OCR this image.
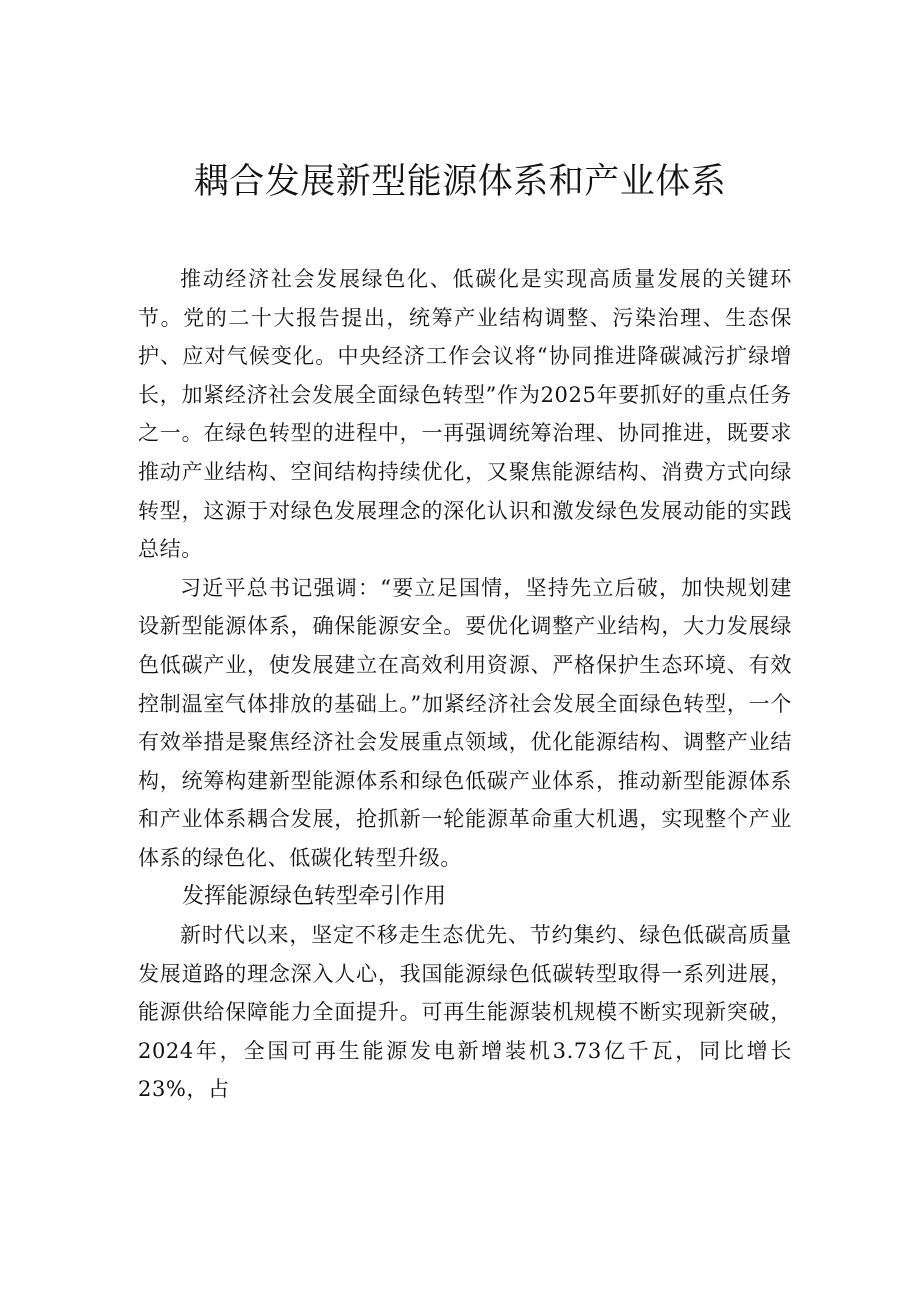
耦合发展新型能源体系和产业体系

推动经济社会发展绿色化、低碳化是实现高质量发展的关键环节。党的二十大报告提出，统筹产业结构调整、污染治理、生态保护、应对气候变化。中央经济工作会议将“协同推进降碳减污扩绿增长，加紧经济社会发展全面绿色转型”作为2025年要抓好的重点任务之一。在绿色转型的进程中，一再强调统筹治理、协同推进，既要求推动产业结构、空间结构持续优化，又聚焦能源结构、消费方式向绿转型，这源于对绿色发展理念的深化认识和激发绿色发展动能的实践总结。

习近平总书记强调：“要立足国情，坚持先立后破，加快规划建设新型能源体系，确保能源安全。要优化调整产业结构，大力发展绿色低碳产业，使发展建立在高效利用资源、严格保护生态环境、有效控制温室气体排放的基础上。”加紧经济社会发展全面绿色转型，一个有效举措是聚焦经济社会发展重点领域，优化能源结构、调整产业结构，统筹构建新型能源体系和绿色低碳产业体系，推动新型能源体系和产业体系耦合发展，抢抓新一轮能源革命重大机遇，实现整个产业体系的绿色化、低碳化转型升级。

发挥能源绿色转型牵引作用

新时代以来，坚定不移走生态优先、节约集约、绿色低碳高质量发展道路的理念深入人心，我国能源绿色低碳转型取得一系列进展，能源供给保障能力全面提升。可再生能源装机规模不断实现新突破，2024年，全国可再生能源发电新增装机3.73亿千瓦，同比增长23%，占
